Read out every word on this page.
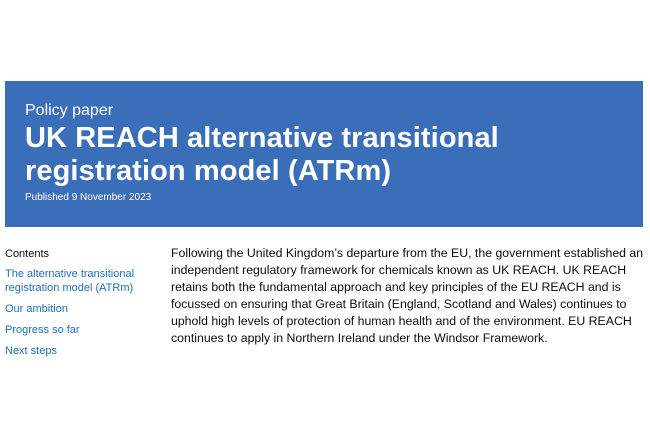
Policy paper
UK REACH alternative transitional registration model (ATRm)
Published 9 November 2023
Contents
The alternative transitional registration model (ATRm)
Our ambition
Progress so far
Next steps

Following the United Kingdom’s departure from the EU, the government established an independent regulatory framework for chemicals known as UK REACH. UK REACH retains both the fundamental approach and key principles of the EU REACH and is focussed on ensuring that Great Britain (England, Scotland and Wales) continues to uphold high levels of protection of human health and of the environment. EU REACH continues to apply in Northern Ireland under the Windsor Framework.
